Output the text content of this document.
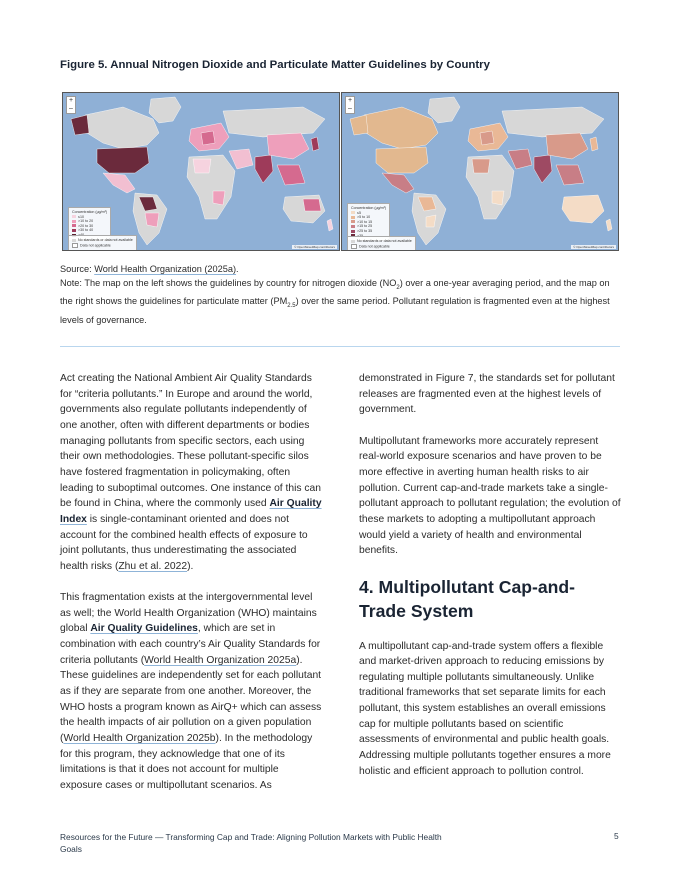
Figure 5. Annual Nitrogen Dioxide and Particulate Matter Guidelines by Country
+
–
Concentration (µg/m³)
≤10
>10 to 20
>20 to 30
>30 to 40
No standards or data not available
Data not applicable	© OpenStreetMap contributors
+
–
Concentration (µg/m³)
≤5
>5 to 10
>10 to 15
>15 to 25
>25 to 35
No standards or data not available
Data not applicable	© OpenStreetMap contributors

Source: World Health Organization (2025a).

Note: The map on the left shows the guidelines by country for nitrogen dioxide $(NO_2)$ over a one-year averaging period, and the map on the right shows the guidelines for particulate matter $(PM_{2.5})$ over the same period. Pollutant regulation is fragmented even at the highest levels of governance.

Act creating the National Ambient Air Quality Standards for “criteria pollutants.” In Europe and around the world, governments also regulate pollutants independently of one another, often with different departments or bodies managing pollutants from specific sectors, each using their own methodologies. These pollutant-specific silos have fostered fragmentation in policymaking, often leading to suboptimal outcomes. One instance of this can be found in China, where the commonly used Air Quality Index is single-contaminant oriented and does not account for the combined health effects of exposure to joint pollutants, thus underestimating the associated health risks (Zhu et al. 2022).

This fragmentation exists at the intergovernmental level as well; the World Health Organization (WHO) maintains global Air Quality Guidelines, which are set in combination with each country’s Air Quality Standards for criteria pollutants (World Health Organization 2025a). These guidelines are independently set for each pollutant as if they are separate from one another. Moreover, the WHO hosts a program known as AirQ+ which can assess the health impacts of air pollution on a given population (World Health Organization 2025b). In the methodology for this program, they acknowledge that one of its limitations is that it does not account for multiple exposure cases or multipollutant scenarios. As

demonstrated in Figure 7, the standards set for pollutant releases are fragmented even at the highest levels of government.

Multipollutant frameworks more accurately represent real-world exposure scenarios and have proven to be more effective in averting human health risks to air pollution. Current cap-and-trade markets take a single-pollutant approach to pollutant regulation; the evolution of these markets to adopting a multipollutant approach would yield a variety of health and environmental benefits.

4. Multipollutant Cap-and-Trade System

A multipollutant cap-and-trade system offers a flexible and market-driven approach to reducing emissions by regulating multiple pollutants simultaneously. Unlike traditional frameworks that set separate limits for each pollutant, this system establishes an overall emissions cap for multiple pollutants based on scientific assessments of environmental and public health goals. Addressing multiple pollutants together ensures a more holistic and efficient approach to pollution control.

Resources for the Future — Transforming Cap and Trade: Aligning Pollution Markets with Public Health Goals
5
